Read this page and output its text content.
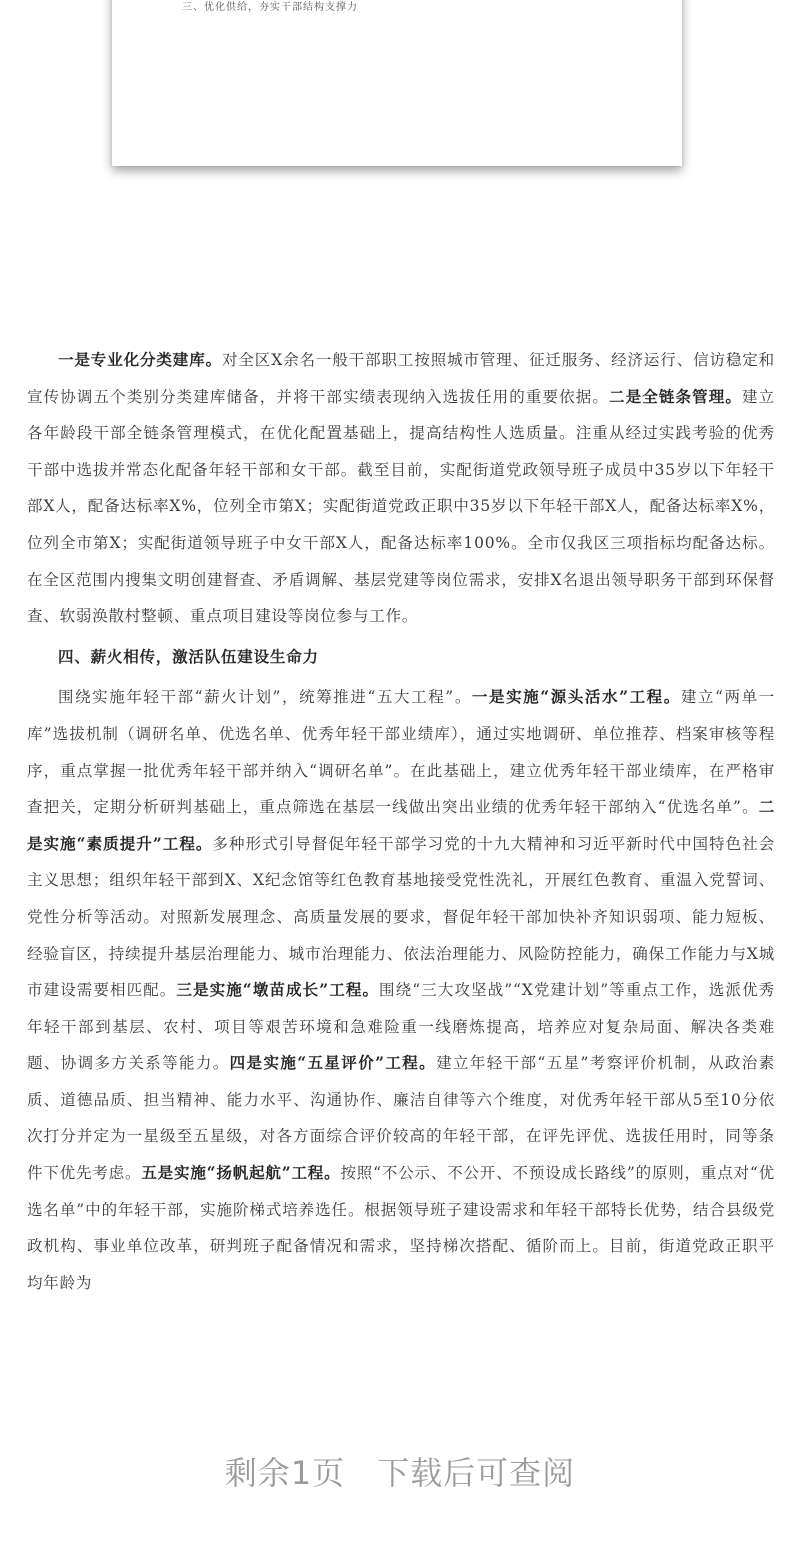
三、优化供给，夯实干部结构支撑力

一是专业化分类建库。对全区X余名一般干部职工按照城市管理、征迁服务、经济运行、信访稳定和宣传协调五个类别分类建库储备，并将干部实绩表现纳入选拔任用的重要依据。二是全链条管理。建立各年龄段干部全链条管理模式，在优化配置基础上，提高结构性人选质量。注重从经过实践考验的优秀干部中选拔并常态化配备年轻干部和女干部。截至目前，实配街道党政领导班子成员中35岁以下年轻干部X人，配备达标率X%，位列全市第X；实配街道党政正职中35岁以下年轻干部X人，配备达标率X%，位列全市第X；实配街道领导班子中女干部X人，配备达标率100%。全市仅我区三项指标均配备达标。在全区范围内搜集文明创建督查、矛盾调解、基层党建等岗位需求，安排X名退出领导职务干部到环保督查、软弱涣散村整顿、重点项目建设等岗位参与工作。

四、薪火相传，激活队伍建设生命力

围绕实施年轻干部“薪火计划”，统筹推进“五大工程”。一是实施“源头活水”工程。建立“两单一库”选拔机制（调研名单、优选名单、优秀年轻干部业绩库），通过实地调研、单位推荐、档案审核等程序，重点掌握一批优秀年轻干部并纳入“调研名单”。在此基础上，建立优秀年轻干部业绩库，在严格审查把关，定期分析研判基础上，重点筛选在基层一线做出突出业绩的优秀年轻干部纳入“优选名单”。二是实施“素质提升”工程。多种形式引导督促年轻干部学习党的十九大精神和习近平新时代中国特色社会主义思想；组织年轻干部到X、X纪念馆等红色教育基地接受党性洗礼，开展红色教育、重温入党誓词、党性分析等活动。对照新发展理念、高质量发展的要求，督促年轻干部加快补齐知识弱项、能力短板、经验盲区，持续提升基层治理能力、城市治理能力、依法治理能力、风险防控能力，确保工作能力与X城市建设需要相匹配。三是实施“墩苗成长”工程。围绕“三大攻坚战”“X党建计划”等重点工作，选派优秀年轻干部到基层、农村、项目等艰苦环境和急难险重一线磨炼提高，培养应对复杂局面、解决各类难题、协调多方关系等能力。四是实施“五星评价”工程。建立年轻干部“五星”考察评价机制，从政治素质、道德品质、担当精神、能力水平、沟通协作、廉洁自律等六个维度，对优秀年轻干部从5至10分依次打分并定为一星级至五星级，对各方面综合评价较高的年轻干部，在评先评优、选拔任用时，同等条件下优先考虑。五是实施“扬帆起航”工程。按照“不公示、不公开、不预设成长路线”的原则，重点对“优选名单”中的年轻干部，实施阶梯式培养选任。根据领导班子建设需求和年轻干部特长优势，结合县级党政机构、事业单位改革，研判班子配备情况和需求，坚持梯次搭配、循阶而上。目前，街道党政正职平均年龄为

剩余1页 下载后可查阅
